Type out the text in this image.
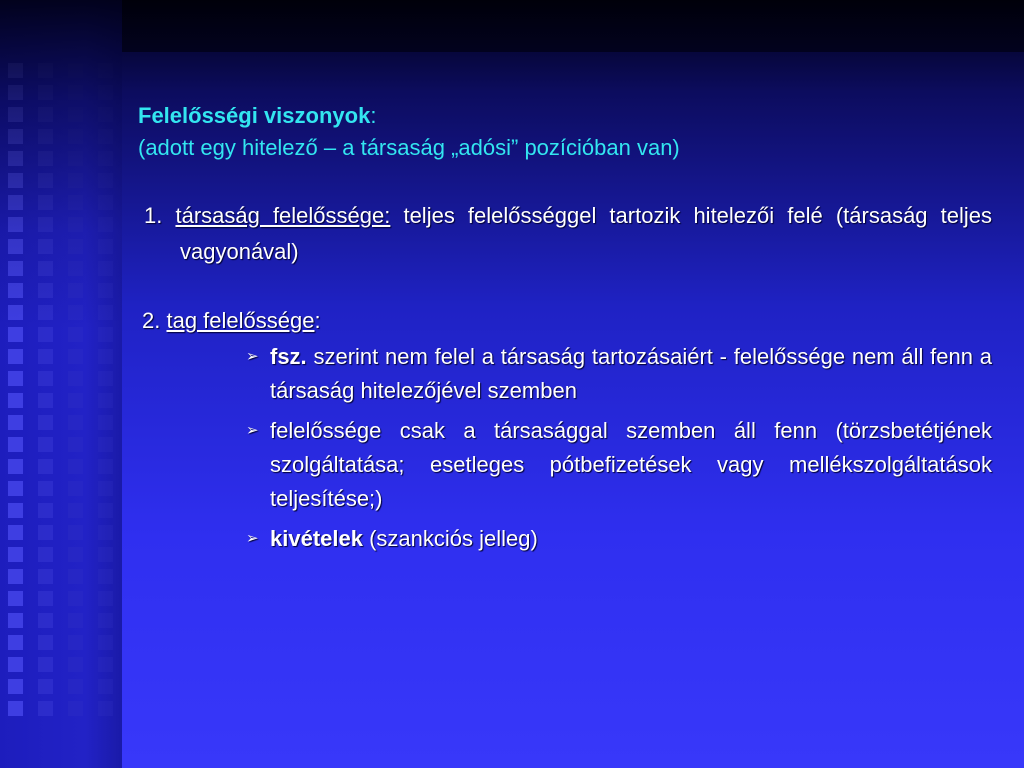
Felelősségi viszonyok:
(adott egy hitelező – a társaság „adósi” pozícióban van)
1. társaság felelőssége: teljes felelősséggel tartozik hitelezői felé (társaság teljes vagyonával)
2. tag felelőssége:
➢ fsz. szerint nem felel a társaság tartozásaiért - felelőssége nem áll fenn a társaság hitelezőjével szemben
➢ felelőssége csak a társasággal szemben áll fenn (törzsbetétjének szolgáltatása; esetleges pótbefizetések vagy mellékszolgáltatások teljesítése;)
➢ kivételek (szankciós jelleg)
